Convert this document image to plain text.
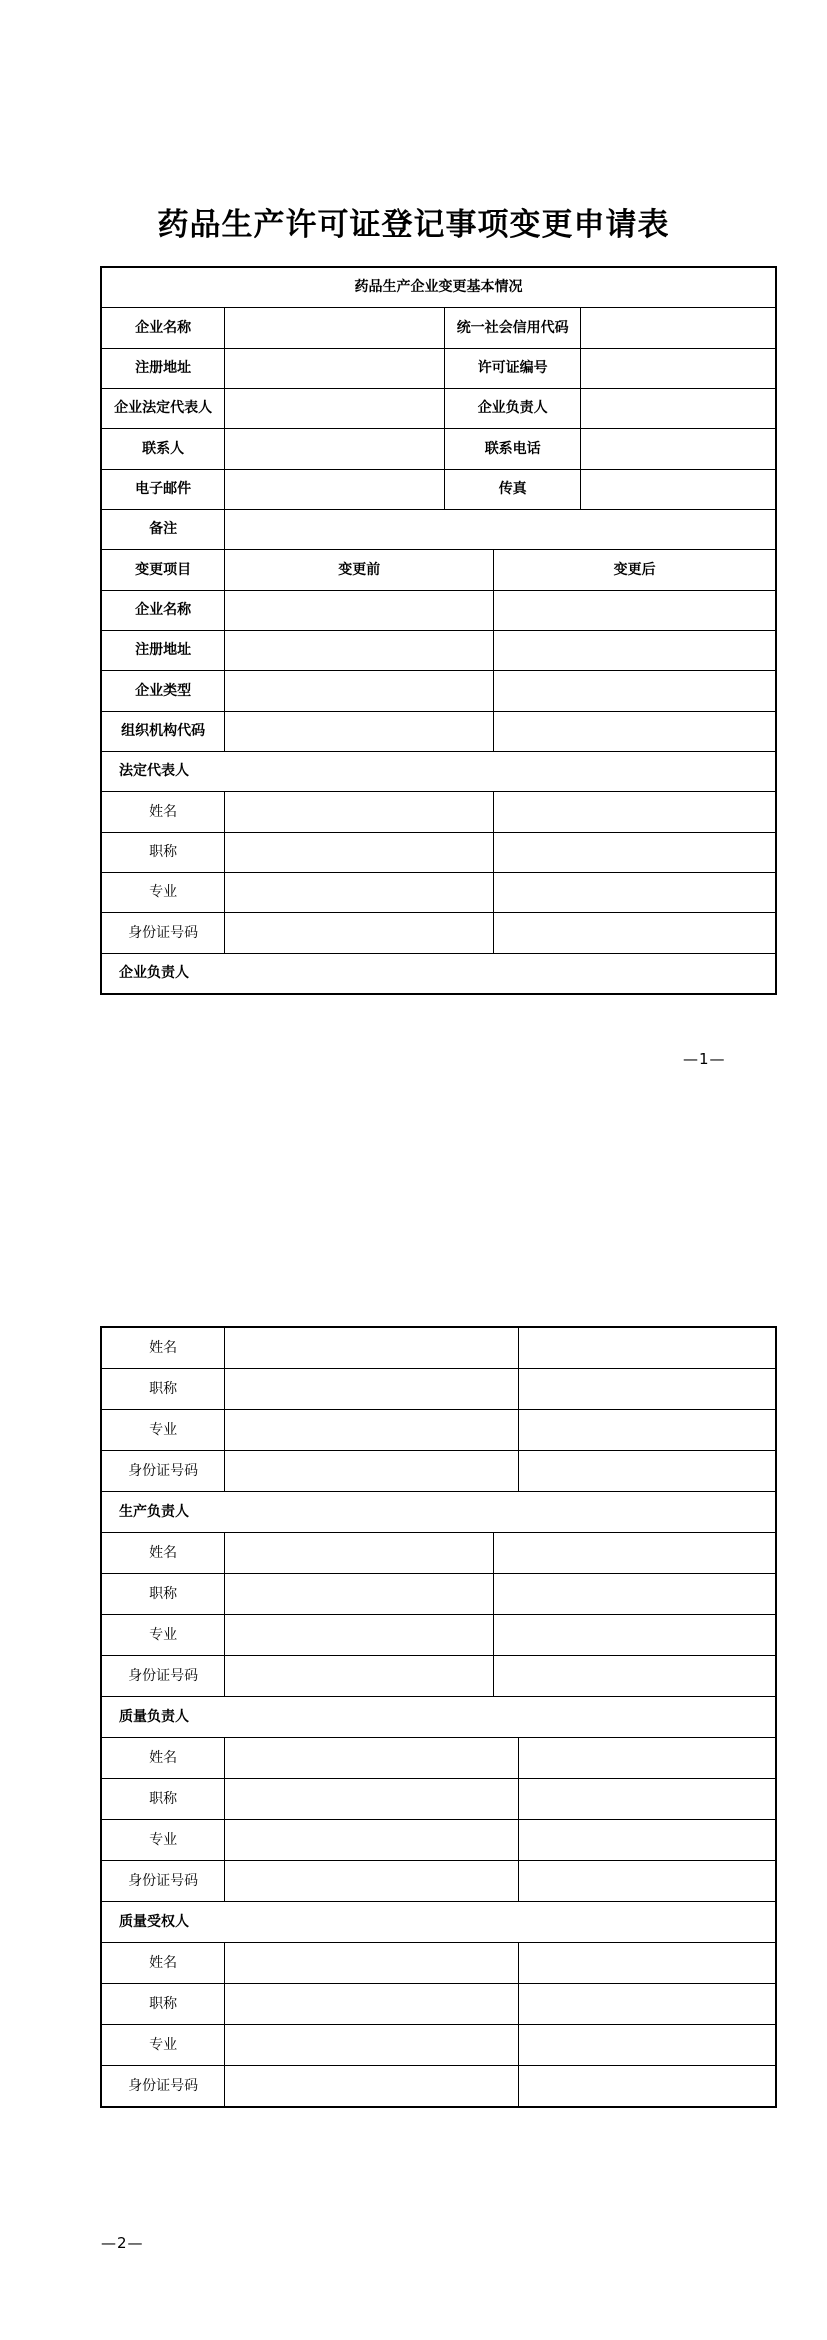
药品生产许可证登记事项变更申请表
药品生产企业变更基本情况
企业名称	统一社会信用代码
注册地址	许可证编号
企业法定代表人	企业负责人
联系人	联系电话
电子邮件	传真
备注
变更项目	变更前	变更后
企业名称
注册地址
企业类型
组织机构代码
法定代表人
姓名
职称
专业
身份证号码
企业负责人
—1—
姓名
职称
专业
身份证号码
生产负责人
姓名
职称
专业
身份证号码
质量负责人
姓名
职称
专业
身份证号码
质量受权人
姓名
职称
专业
身份证号码
—2—
